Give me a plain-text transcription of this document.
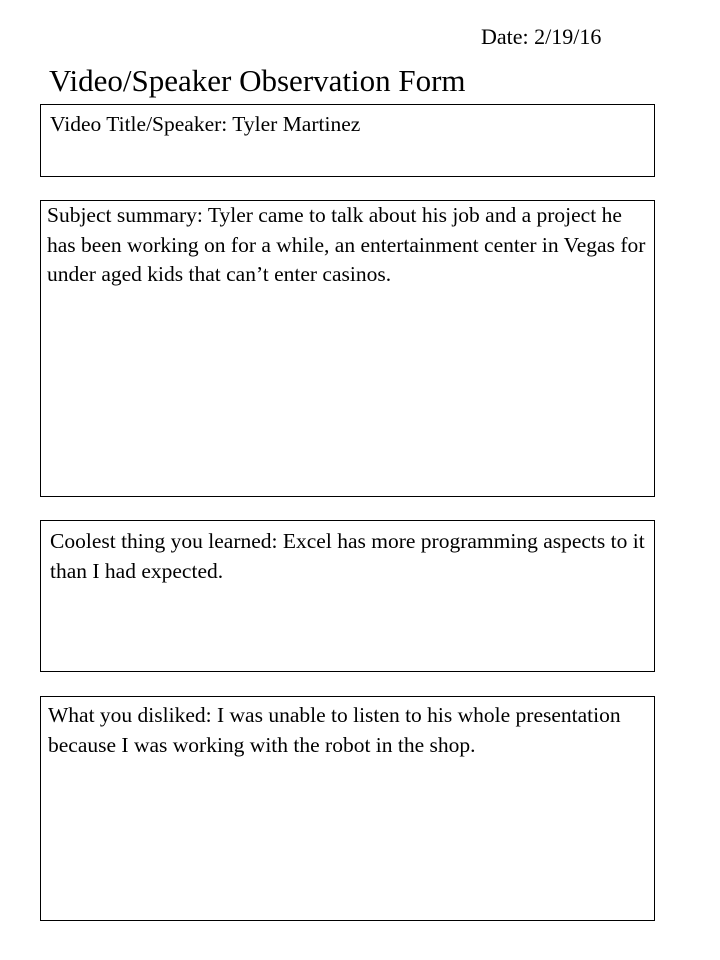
Date: 2/19/16
Video/Speaker Observation Form

Video Title/Speaker: Tyler Martinez

Subject summary: Tyler came to talk about his job and a project he has been working on for a while, an entertainment center in Vegas for under aged kids that can’t enter casinos.

Coolest thing you learned: Excel has more programming aspects to it than I had expected.

What you disliked: I was unable to listen to his whole presentation because I was working with the robot in the shop.
